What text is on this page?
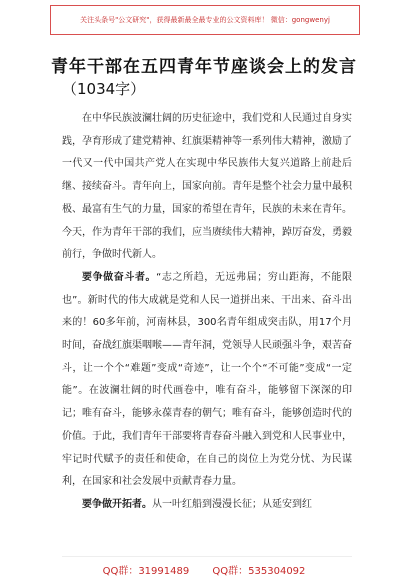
关注头条号"公文研究"，获得最新最全最专业的公文资料库！ 微信：gongwenyj
青年干部在五四青年节座谈会上的发言
（1034字）

在中华民族波澜壮阔的历史征途中，我们党和人民通过自身实践，孕育形成了建党精神、红旗渠精神等一系列伟大精神，激励了一代又一代中国共产党人在实现中华民族伟大复兴道路上前赴后继、接续奋斗。青年向上，国家向前。青年是整个社会力量中最积极、最富有生气的力量，国家的希望在青年，民族的未来在青年。今天，作为青年干部的我们，应当赓续伟大精神，踔厉奋发，勇毅前行，争做时代新人。

要争做奋斗者。“志之所趋，无远弗届；穷山距海，不能限也”。新时代的伟大成就是党和人民一道拼出来、干出来、奋斗出来的！60多年前，河南林县，300名青年组成突击队，用17个月时间，奋战红旗渠咽喉——青年洞，党领导人民顽强斗争，艰苦奋斗，让一个个“难题”变成“奇迹”，让一个个“不可能”变成“一定能”。在波澜壮阔的时代画卷中，唯有奋斗，能够留下深深的印记；唯有奋斗，能够永葆青春的朝气；唯有奋斗，能够创造时代的价值。于此，我们青年干部要将青春奋斗融入到党和人民事业中，牢记时代赋予的责任和使命，在自己的岗位上为党分忧、为民谋利，在国家和社会发展中贡献青春力量。

要争做开拓者。从一叶红船到漫漫长征；从延安到红

QQ群：31991489 QQ群：535304092
